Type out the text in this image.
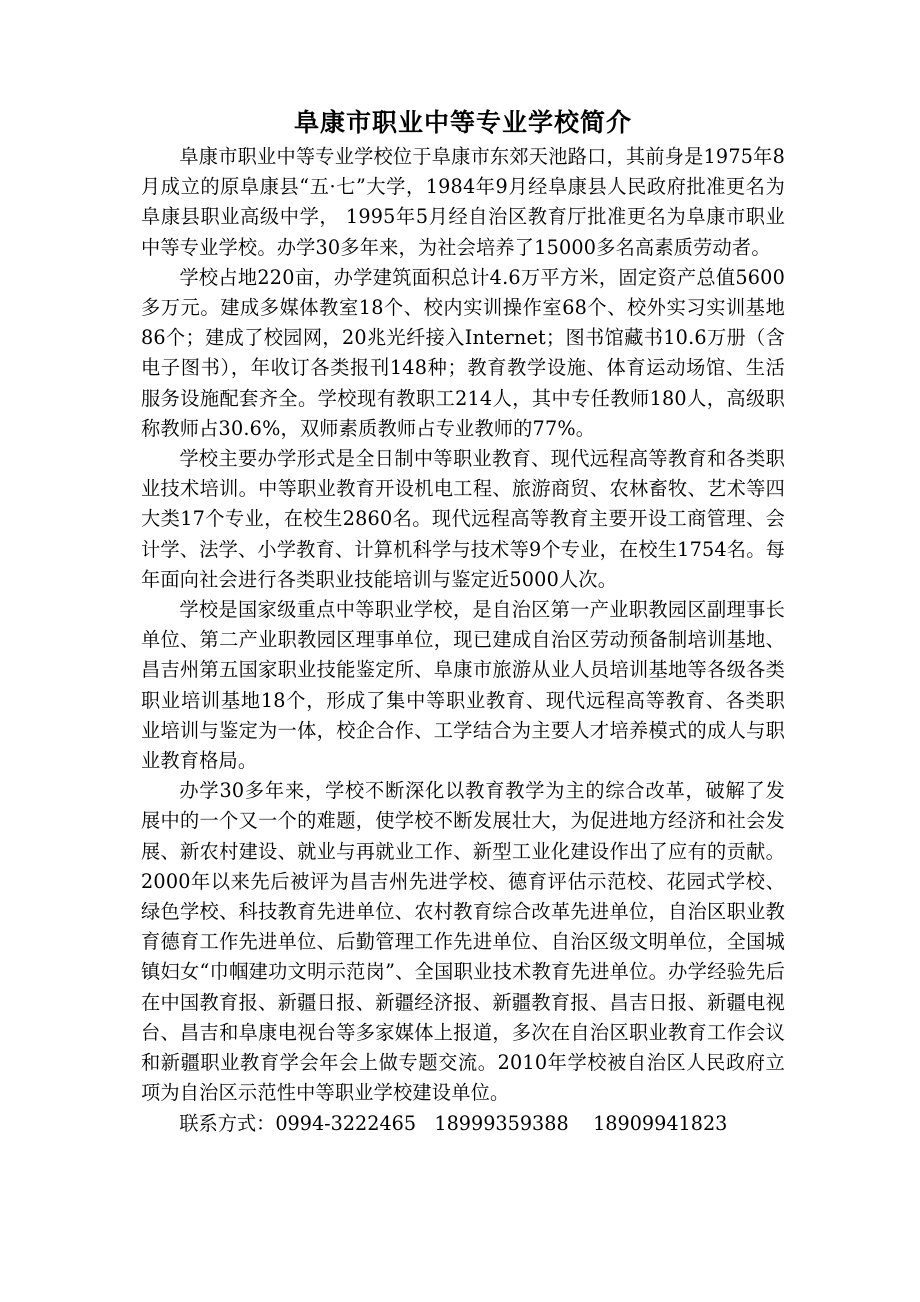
阜康市职业中等专业学校简介

阜康市职业中等专业学校位于阜康市东郊天池路口，其前身是1975年8月成立的原阜康县“五·七”大学，1984年9月经阜康县人民政府批准更名为阜康县职业高级中学， 1995年5月经自治区教育厅批准更名为阜康市职业中等专业学校。办学30多年来，为社会培养了15000多名高素质劳动者。

学校占地220亩，办学建筑面积总计4.6万平方米，固定资产总值5600多万元。建成多媒体教室18个、校内实训操作室68个、校外实习实训基地86个；建成了校园网，20兆光纤接入Internet；图书馆藏书10.6万册（含电子图书），年收订各类报刊148种；教育教学设施、体育运动场馆、生活服务设施配套齐全。学校现有教职工214人，其中专任教师180人，高级职称教师占30.6%，双师素质教师占专业教师的77%。

学校主要办学形式是全日制中等职业教育、现代远程高等教育和各类职业技术培训。中等职业教育开设机电工程、旅游商贸、农林畜牧、艺术等四大类17个专业，在校生2860名。现代远程高等教育主要开设工商管理、会计学、法学、小学教育、计算机科学与技术等9个专业，在校生1754名。每年面向社会进行各类职业技能培训与鉴定近5000人次。

学校是国家级重点中等职业学校，是自治区第一产业职教园区副理事长单位、第二产业职教园区理事单位，现已建成自治区劳动预备制培训基地、昌吉州第五国家职业技能鉴定所、阜康市旅游从业人员培训基地等各级各类职业培训基地18个，形成了集中等职业教育、现代远程高等教育、各类职业培训与鉴定为一体，校企合作、工学结合为主要人才培养模式的成人与职业教育格局。

办学30多年来，学校不断深化以教育教学为主的综合改革，破解了发展中的一个又一个的难题，使学校不断发展壮大，为促进地方经济和社会发展、新农村建设、就业与再就业工作、新型工业化建设作出了应有的贡献。2000年以来先后被评为昌吉州先进学校、德育评估示范校、花园式学校、绿色学校、科技教育先进单位、农村教育综合改革先进单位，自治区职业教育德育工作先进单位、后勤管理工作先进单位、自治区级文明单位，全国城镇妇女“巾帼建功文明示范岗”、全国职业技术教育先进单位。办学经验先后在中国教育报、新疆日报、新疆经济报、新疆教育报、昌吉日报、新疆电视台、昌吉和阜康电视台等多家媒体上报道，多次在自治区职业教育工作会议和新疆职业教育学会年会上做专题交流。2010年学校被自治区人民政府立项为自治区示范性中等职业学校建设单位。

联系方式：0994-3222465   18999359388    18909941823
